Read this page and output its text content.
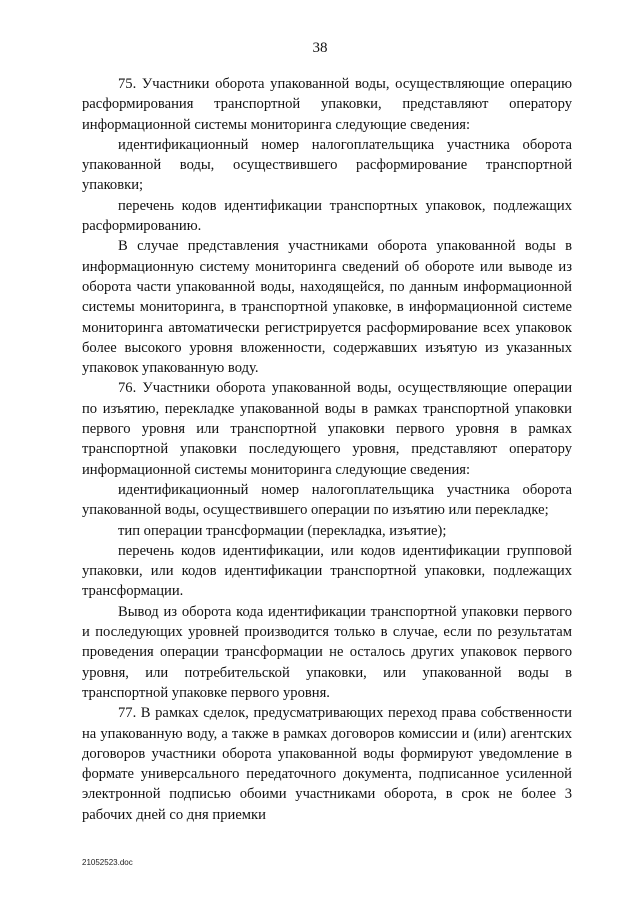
38

75. Участники оборота упакованной воды, осуществляющие операцию расформирования транспортной упаковки, представляют оператору информационной системы мониторинга следующие сведения:

идентификационный номер налогоплательщика участника оборота упакованной воды, осуществившего расформирование транспортной упаковки;

перечень кодов идентификации транспортных упаковок, подлежащих расформированию.

В случае представления участниками оборота упакованной воды в информационную систему мониторинга сведений об обороте или выводе из оборота части упакованной воды, находящейся, по данным информационной системы мониторинга, в транспортной упаковке, в информационной системе мониторинга автоматически регистрируется расформирование всех упаковок более высокого уровня вложенности, содержавших изъятую из указанных упаковок упакованную воду.

76. Участники оборота упакованной воды, осуществляющие операции по изъятию, перекладке упакованной воды в рамках транспортной упаковки первого уровня или транспортной упаковки первого уровня в рамках транспортной упаковки последующего уровня, представляют оператору информационной системы мониторинга следующие сведения:

идентификационный номер налогоплательщика участника оборота упакованной воды, осуществившего операции по изъятию или перекладке;

тип операции трансформации (перекладка, изъятие);

перечень кодов идентификации, или кодов идентификации групповой упаковки, или кодов идентификации транспортной упаковки, подлежащих трансформации.

Вывод из оборота кода идентификации транспортной упаковки первого и последующих уровней производится только в случае, если по результатам проведения операции трансформации не осталось других упаковок первого уровня, или потребительской упаковки, или упакованной воды в транспортной упаковке первого уровня.

77. В рамках сделок, предусматривающих переход права собственности на упакованную воду, а также в рамках договоров комиссии и (или) агентских договоров участники оборота упакованной воды формируют уведомление в формате универсального передаточного документа, подписанное усиленной электронной подписью обоими участниками оборота, в срок не более 3 рабочих дней со дня приемки

21052523.doc
